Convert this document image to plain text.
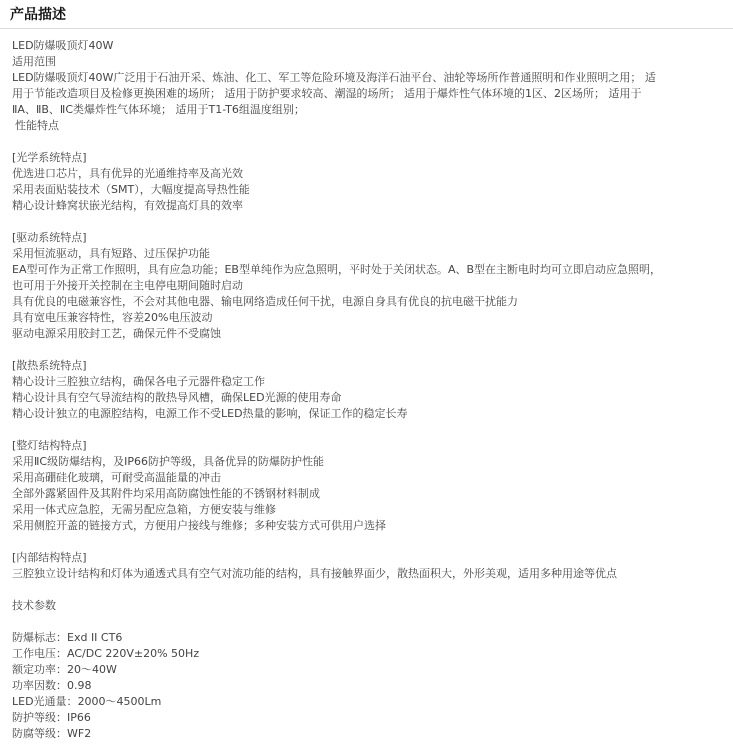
产品描述
LED防爆吸顶灯40W
适用范围
LED防爆吸顶灯40W广泛用于石油开采、炼油、化工、军工等危险环境及海洋石油平台、油轮等场所作普通照明和作业照明之用； 适
用于节能改造项目及检修更换困难的场所； 适用于防护要求较高、潮湿的场所； 适用于爆炸性气体环境的1区、2区场所； 适用于
ⅡA、ⅡB、ⅡC类爆炸性气体环境； 适用于T1-T6组温度组别；
性能特点
[光学系统特点]
优选进口芯片，具有优异的光通维持率及高光效
采用表面贴装技术（SMT），大幅度提高导热性能
精心设计蜂窝状嵌光结构，有效提高灯具的效率
[驱动系统特点]
采用恒流驱动，具有短路、过压保护功能
EA型可作为正常工作照明，具有应急功能；EB型单纯作为应急照明，平时处于关闭状态。A、B型在主断电时均可立即启动应急照明，
也可用于外接开关控制在主电停电期间随时启动
具有优良的电磁兼容性，不会对其他电器、输电网络造成任何干扰，电源自身具有优良的抗电磁干扰能力
具有宽电压兼容特性，容差20%电压波动
驱动电源采用胶封工艺，确保元件不受腐蚀
[散热系统特点]
精心设计三腔独立结构，确保各电子元器件稳定工作
精心设计具有空气导流结构的散热导风槽，确保LED光源的使用寿命
精心设计独立的电源腔结构，电源工作不受LED热量的影响，保证工作的稳定长寿
[整灯结构特点]
采用ⅡC级防爆结构，及IP66防护等级，具备优异的防爆防护性能
采用高硼硅化玻璃，可耐受高温能量的冲击
全部外露紧固件及其附件均采用高防腐蚀性能的不锈钢材料制成
采用一体式应急腔，无需另配应急箱，方便安装与维修
采用侧腔开盖的链接方式，方便用户接线与维修；多种安装方式可供用户选择
[内部结构特点]
三腔独立设计结构和灯体为通透式具有空气对流功能的结构，具有接触界面少，散热面积大，外形美观，适用多种用途等优点
技术参数
防爆标志：Exd II CT6
工作电压：AC/DC 220V±20% 50Hz
额定功率：20～40W
功率因数：0.98
LED光通量：2000～4500Lm
防护等级：IP66
防腐等级：WF2
